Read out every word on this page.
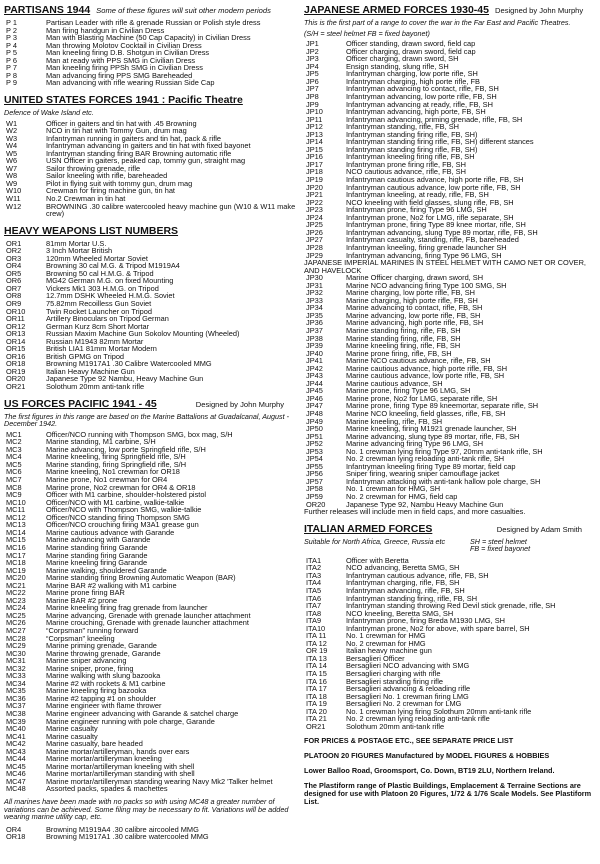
PARTISANS 1944 Some of these figures will suit other modern periods
P 1	Partisan Leader with rifle & grenade Russian or Polish style dress
P 2	Man firing handgun in Civilian Dress
P 3	Man with Blasting Machine (50 Cap Capacity) in Civilian Dress
P 4	Man throwing Molotov Cocktail in Civilian Dress
P 5	Man kneeling firing D.B. Shotgun in Civilian Dress
P 6	Man at ready with PPS SMG in Civilian Dress
P 7	Man kneeling firing PPSh SMG in Civilian Dress
P 8	Man advancing firing PPS SMG Bareheaded
P 9	Man advancing with rifle wearing Russian Side Cap
UNITED STATES FORCES 1941 : Pacific Theatre
Defence of Wake Island etc.
W1	Officer in gaiters and tin hat with .45 Browning
W2	NCO in tin hat with Tommy Gun, drum mag
W3	Infantryman running in gaiters and tin hat, pack & rifle
W4	Infantryman advancing in gaiters and tin hat with fixed bayonet
W5	Infantryman standing firing BAR Browning automatic rifle
W6	USN Officer in gaiters, peaked cap, tommy gun, straight mag
W7	Sailor throwing grenade, rifle
W8	Sailor kneeling with rifle, bareheaded
W9	Pilot in flying suit with tommy gun, drum mag
W10	Crewman for firing machine gun, tin hat
W11	No.2 Crewman in tin hat
W12	BROWNING .30 calibre watercooled heavy machine gun (W10 & W11 make crew)
HEAVY WEAPONS LIST NUMBERS
OR1	81mm Mortar U.S.
OR2	3 Inch Mortar British
OR3	120mm Wheeled Mortar Soviet
OR4	Browning 30 cal M.G. & Tripod M1919A4
OR5	Browning 50 cal H.M.G. & Tripod
OR6	MG42 German M.G. on fixed Mounting
OR7	Vickers Mk1 303 H.M.G. on Tripod
OR8	12.7mm DSHK Wheeled H.M.G. Soviet
OR9	75.82mm Recoilless Gun Soviet
OR10	Twin Rocket Launcher on Tripod
OR11	Artillery Binoculars on Tripod German
OR12	German Kurz 8cm Short Mortar
OR13	Russian Maxim Machine Gun Sokolov Mounting (Wheeled)
OR14	Russian M1943 82mm Mortar
OR15	British LIA1 81mm Mortar Modern
OR16	British GPMG on Tripod
OR18	Browning M1917A1 .30 Calibre Watercooled MMG
OR19	Italian Heavy Machine Gun
OR20	Japanese Type 92 Nambu, Heavy Machine Gun
OR21	Solothum 20mm anti-tank rifle
US FORCES PACIFIC 1941 - 45	Designed by John Murphy
The first figures in this range are based on the Marine Battalions at Guadalcanal, August - December 1942.
MC1	Officer/NCO running with Thompson SMG, box mag, S/H
MC2	Marine standing, M1 carbine, S/H
MC3	Marine advancing, low porte Springfield rifle, S/H
MC4	Marine kneeling, firing Springfield rifle, S/H
MC5	Marine standing, firing Springfield rifle, S/H
MC6	Marine kneeling, No1 crewman for OR18
MC7	Marine prone, No1 crewman for OR4
MC8	Marine prone, No2 crewman for OR4 & OR18
MC9	Officer with M1 carbine, shoulder-holstered pistol
MC10	Officer/NCO with M1 carbine, walkie-talkie
MC11	Officer/NCO with Thompson SMG, walkie-talkie
MC12	Officer/NCO standing firing Thompson SMG
MC13	Officer/NCO crouching firing M3A1 grease gun
MC14	Marine cautious advance with Garande
MC15	Marine advancing with Garande
MC16	Marine standing firing Garande
MC17	Marine standing firing Garande
MC18	Marine kneeling firing Garande
MC19	Marine walking, shouldered Garande
MC20	Marine standing firing Browning Automatic Weapon (BAR)
MC21	Marine BAR #2 walking with M1 carbine
MC22	Marine prone firing BAR
MC23	Marine BAR #2 prone
MC24	Marine kneeling firing frag grenade from launcher
MC25	Marine advancing, Grenade with grenade launcher attachment
MC26	Marine crouching, Grenade with grenade launcher attachment
MC27	“Corpsman” running forward
MC28	“Corpsman” kneeling
MC29	Marine priming grenade, Garande
MC30	Marine throwing grenade, Garande
MC31	Marine sniper advancing
MC32	Marine sniper, prone, firing
MC33	Marine walking with slung bazooka
MC34	Marine #2 with rockets & M1 carbine
MC35	Marine kneeling firing bazooka
MC36	Marine #2 tapping #1 on shoulder
MC37	Marine engineer with flame thrower
MC38	Marine engineer advancing with Garande & satchel charge
MC39	Marine engineer running with pole charge, Garande
MC40	Marine casualty
MC41	Marine casualty
MC42	Marine casualty, bare headed
MC43	Marine mortar/artilleryman, hands over ears
MC44	Marine mortar/artilleryman kneeling
MC45	Marine mortar/artilleryman kneeling with shell
MC46	Marine mortar/artilleryman standing with shell
MC47	Marine mortar/artilleryman standing wearing Navy Mk2 'Talker helmet
MC48	Assorted packs, spades & machettes
All marines have been made with no packs so with using MC48 a greater number of variations can be achieved. Some filing may be necessary to fit. Variations will be added wearing marine utility cap, etc.
OR4	Browning M1919A4 .30 calibre aircooled MMG
OR18	Browning M1917A1 .30 calibre watercooled MMG
JAPANESE ARMED FORCES 1930-45 Designed by John Murphy
This is the first part of a range to cover the war in the Far East and Pacific Theatres.
(S/H = steel helmet FB = fixed bayonet)
JP1	Officer standing, drawn sword, field cap
JP2	Officer charging, drawn sword, field cap
JP3	Officer charging, drawn sword, SH
JP4	Ensign standing, slung rifle, SH
JP5	Infantryman charging, low porte rifle, SH
JP6	Infantryman charging, high porte rifle, FB
JP7	Infantryman advancing to contact, rifle, FB, SH
JP8	Infantryman advancing, low porte rifle, FB, SH
JP9	Infantryman advancing at ready, rifle, FB, SH
JP10	Infantryman advancing, high porte, FB, SH
JP11	Infantryman advancing, priming grenade, rifle, FB, SH
JP12	Infantryman standing, rifle, FB, SH
JP13	Infantryman standing firing rifle, FB, SH)
JP14	Infantryman standing firing rifle, FB, SH) different stances
JP15	Infantryman standing firing rifle, FB, SH)
JP16	Infantryman kneeling firing rifle, FB, SH
JP17	Infantryman prone firing rifle, FB, SH
JP18	NCO cautious advance, rifle, FB, SH
JP19	Infantryman cautious advance, high porte rifle, FB, SH
JP20	Infantryman cautious advance, low porte rifle, FB, SH
JP21	Infantryman kneeling, at ready, rifle, FB, SH
JP22	NCO kneeling with field glasses, slung rifle, FB, SH
JP23	Infantryman prone, firing Type 96 LMG, SH
JP24	Infantryman prone, No2 for LMG, rifle separate, SH
JP25	Infantryman prone, firing Type 89 knee mortar, rifle, SH
JP26	Infantryman advancing, slung Type 89 mortar, rifle, FB, SH
JP27	Infantryman casualty, standing, rifle, FB, bareheaded
JP28	Infantryman kneeling, firing grenade launcher SH
JP29	Infantryman advancing, firing Type 96 LMG, SH
JAPANESE IMPERIAL MARINES IN STEEL HELMET WITH CAMO NET OR COVER, AND HAVELOCK
JP30	Marine Officer charging, drawn sword, SH
JP31	Marine NCO advancing firing Type 100 SMG, SH
JP32	Marine charging, low porte rifle, FB, SH
JP33	Marine charging, high porte rifle, FB, SH
JP34	Marine advancing to contact, rifle, FB, SH
JP35	Marine advancing, low porte rifle, FB, SH
JP36	Marine advancing, high porte rifle, FB, SH
JP37	Marine standing firing, rifle, FB, SH
JP38	Marine standing firing, rifle, FB, SH
JP39	Marine kneeling firing, rifle, FB, SH
JP40	Marine prone firing, rifle, FB, SH
JP41	Marine NCO cautious advance, rifle, FB, SH
JP42	Marine cautious advance, high porte rifle, FB, SH
JP43	Marine cautious advance, low porte rifle, FB, SH
JP44	Marine cautious advance, SH
JP45	Marine prone, firing Type 96 LMG, SH
JP46	Marine prone, No2 for LMG, separate rifle, SH
JP47	Marine prone, firing Type 89 kneemortar, separate rifle, SH
JP48	Marine NCO kneeling, field glasses, rifle, FB, SH
JP49	Marine kneeling, rifle, FB, SH
JP50	Marine kneeling, firing M1921 grenade launcher, SH
JP51	Marine advancing, slung type 89 mortar, rifle, FB, SH
JP52	Marine advancing firing Type 96 LMG, SH
JP53	No. 1 crewman lying firing Type 97, 20mm anti-tank rifle, SH
JP54	No. 2 crewman lying reloading anti-tank rifle, SH
JP55	Infantryman kneeling firing Type 89 mortar, field cap
JP56	Sniper firing, wearing sniper camouflage jacket
JP57	Infantryman attacking with anti-tank hallow pole charge, SH
JP58	No. 1 crewman for HMG, SH
JP59	No. 2 crewman for HMG, field cap
OR20	Japanese Type 92, Nambu Heavy Machine Gun
Further releases will include men in field caps, and more casualties.
ITALIAN ARMED FORCES	Designed by Adam Smith
Suitable for North Africa, Greece, Russia etc	SH = steel helmet
FB = fixed bayonet
ITA1	Officer with Beretta
ITA2	NCO advancing, Beretta SMG, SH
ITA3	Infantryman cautious advance, rifle, FB, SH
ITA4	Infantryman charging, rifle, FB, SH
ITA5	Infantryman advancing, rifle, FB, SH
ITA6	Infantryman standing firing, rifle, FB, SH
ITA7	Infantryman standing throwing Red Devil stick grenade, rifle, SH
ITA8	NCO kneeling, Beretta SMG, SH
ITA9	Infantryman prone, firing Breda M1930 LMG, SH
ITA10	Infantryman prone, No2 for above, with spare barrel, SH
ITA 11	No. 1 crewman for HMG
ITA 12	No. 2 crewman for HMG
OR 19	Italian heavy machine gun
ITA 13	Bersaglieri Officer
ITA 14	Bersaglieri NCO advancing with SMG
ITA 15	Bersaglieri charging with rifle
ITA 16	Bersaglieri standing firing rifle
ITA 17	Bersaglieri advancing & reloading rifle
ITA 18	Bersaglieri No. 1 crewman firing LMG
ITA 19	Bersaglieri No. 2 crewman for LMG
ITA 20	No. 1 crewman lying firing Solothum 20mm anti-tank rifle
ITA 21	No. 2 crewman lying reloading anti-tank rifle
OR21	Solothum 20mm anti-tank rifle
FOR PRICES & POSTAGE ETC., SEE SEPARATE PRICE LIST
PLATOON 20 FIGURES Manufactured by MODEL FIGURES & HOBBIES
Lower Balloo Road, Groomsport, Co. Down, BT19 2LU, Northern Ireland.
The Plastiform range of Plastic Buildings, Emplacement & Terraine Sections are designed for use with Platoon 20 Figures, 1/72 & 1/76 Scale Models. See Plastiform List.
